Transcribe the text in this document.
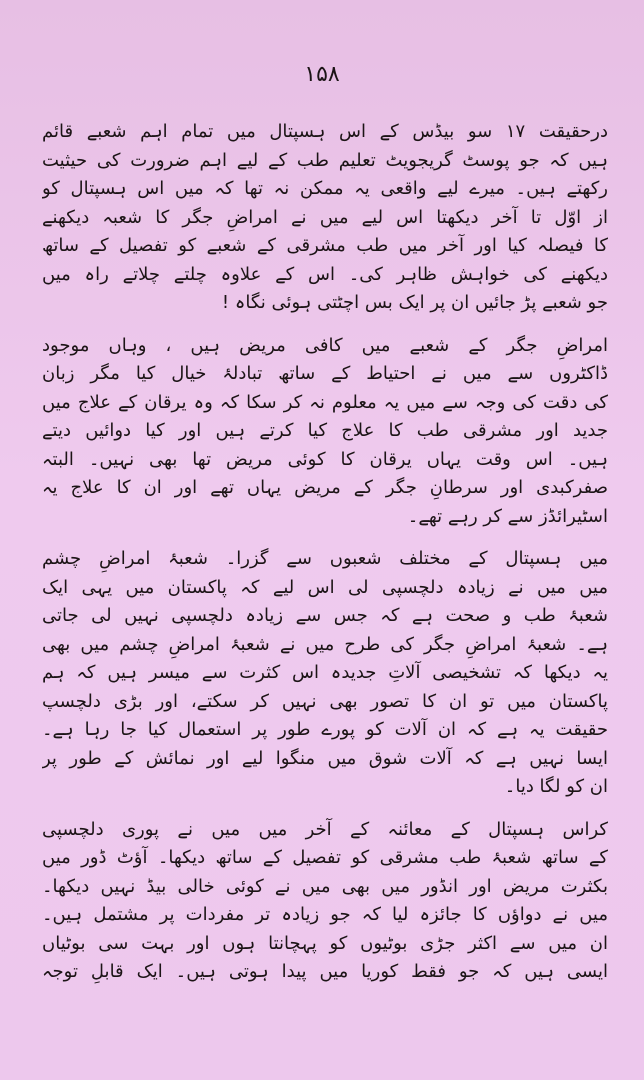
۱۵۸
درحقیقت ۱۷ سو بیڈس کے اس ہسپتال میں تمام اہم شعبے قائم
ہیں کہ جو پوسٹ گریجویٹ تعلیم طب کے لیے اہم ضرورت کی حیثیت
رکھتے ہیں۔ میرے لیے واقعی یہ ممکن نہ تھا کہ میں اس ہسپتال کو
از اوّل تا آخر دیکھتا اس لیے میں نے امراضِ جگر کا شعبہ دیکھنے
کا فیصلہ کیا اور آخر میں طب مشرقی کے شعبے کو تفصیل کے ساتھ
دیکھنے کی خواہش ظاہر کی۔ اس کے علاوہ چلتے چلاتے راہ میں
جو شعبے پڑ جائیں ان پر ایک بس اچٹتی ہوئی نگاہ !
امراضِ جگر کے شعبے میں کافی مریض ہیں ، وہاں موجود
ڈاکٹروں سے میں نے احتیاط کے ساتھ تبادلۂ خیال کیا مگر زبان
کی دقت کی وجہ سے میں یہ معلوم نہ کر سکا کہ وہ یرقان کے علاج میں
جدید اور مشرقی طب کا علاج کیا کرتے ہیں اور کیا دوائیں دیتے
ہیں۔ اس وقت یہاں یرقان کا کوئی مریض تھا بھی نہیں۔ البتہ
صفرکبدی اور سرطانِ جگر کے مریض یہاں تھے اور ان کا علاج یہ
اسٹیرائڈز سے کر رہے تھے۔
میں ہسپتال کے مختلف شعبوں سے گزرا۔ شعبۂ امراضِ چشم
میں میں نے زیادہ دلچسپی لی اس لیے کہ پاکستان میں یہی ایک
شعبۂ طب و صحت ہے کہ جس سے زیادہ دلچسپی نہیں لی جاتی
ہے۔ شعبۂ امراضِ جگر کی طرح میں نے شعبۂ امراضِ چشم میں بھی
یہ دیکھا کہ تشخیصی آلاتِ جدیدہ اس کثرت سے میسر ہیں کہ ہم
پاکستان میں تو ان کا تصور بھی نہیں کر سکتے، اور بڑی دلچسپ
حقیقت یہ ہے کہ ان آلات کو پورے طور پر استعمال کیا جا رہا ہے۔
ایسا نہیں ہے کہ آلات شوق میں منگوا لیے اور نمائش کے طور پر
ان کو لگا دیا۔
کراس ہسپتال کے معائنہ کے آخر میں میں نے پوری دلچسپی
کے ساتھ شعبۂ طب مشرقی کو تفصیل کے ساتھ دیکھا۔ آؤٹ ڈور میں
بکثرت مریض اور انڈور میں بھی میں نے کوئی خالی بیڈ نہیں دیکھا۔
میں نے دواؤں کا جائزہ لیا کہ جو زیادہ تر مفردات پر مشتمل ہیں۔
ان میں سے اکثر جڑی بوٹیوں کو پہچانتا ہوں اور بہت سی بوٹیاں
ایسی ہیں کہ جو فقط کوریا میں پیدا ہوتی ہیں۔ ایک قابلِ توجہ
